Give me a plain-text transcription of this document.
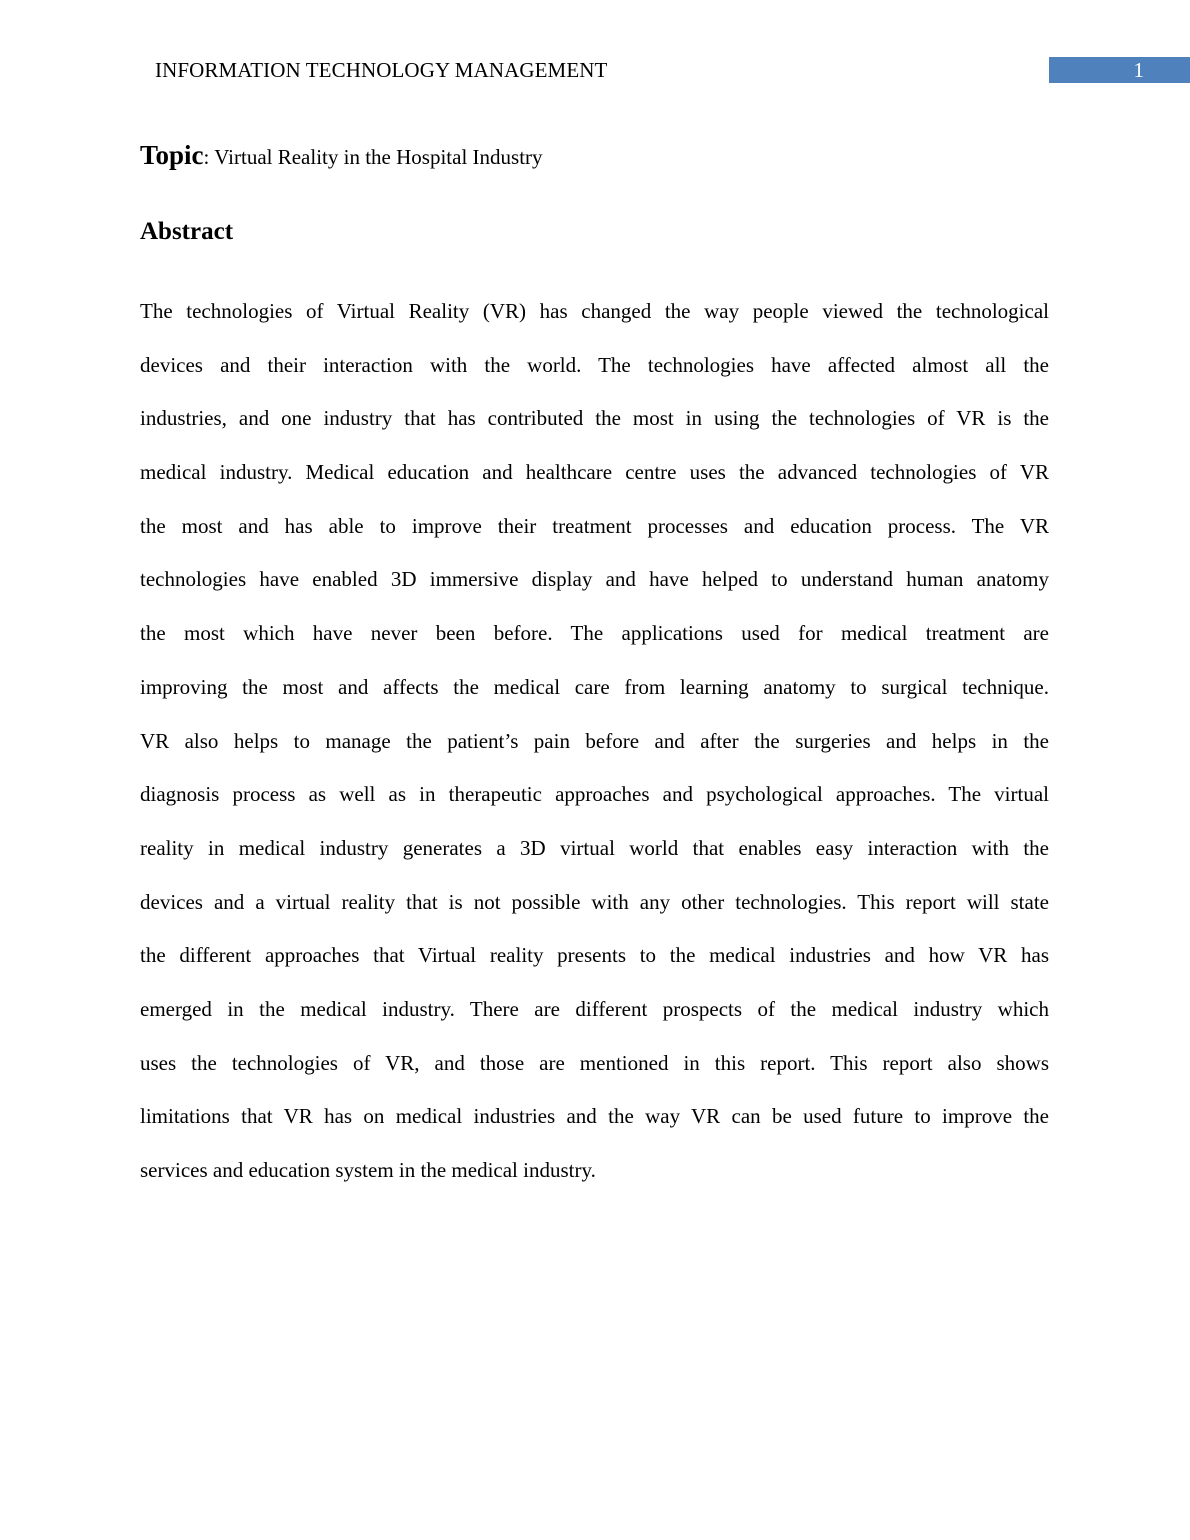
INFORMATION TECHNOLOGY MANAGEMENT	1
Topic: Virtual Reality in the Hospital Industry
Abstract
The technologies of Virtual Reality (VR) has changed the way people viewed the technological
devices and their interaction with the world. The technologies have affected almost all the
industries, and one industry that has contributed the most in using the technologies of VR is the
medical industry. Medical education and healthcare centre uses the advanced technologies of VR
the most and has able to improve their treatment processes and education process. The VR
technologies have enabled 3D immersive display and have helped to understand human anatomy
the most which have never been before. The applications used for medical treatment are
improving the most and affects the medical care from learning anatomy to surgical technique.
VR also helps to manage the patient’s pain before and after the surgeries and helps in the
diagnosis process as well as in therapeutic approaches and psychological approaches. The virtual
reality in medical industry generates a 3D virtual world that enables easy interaction with the
devices and a virtual reality that is not possible with any other technologies. This report will state
the different approaches that Virtual reality presents to the medical industries and how VR has
emerged in the medical industry. There are different prospects of the medical industry which
uses the technologies of VR, and those are mentioned in this report. This report also shows
limitations that VR has on medical industries and the way VR can be used future to improve the
services and education system in the medical industry.
